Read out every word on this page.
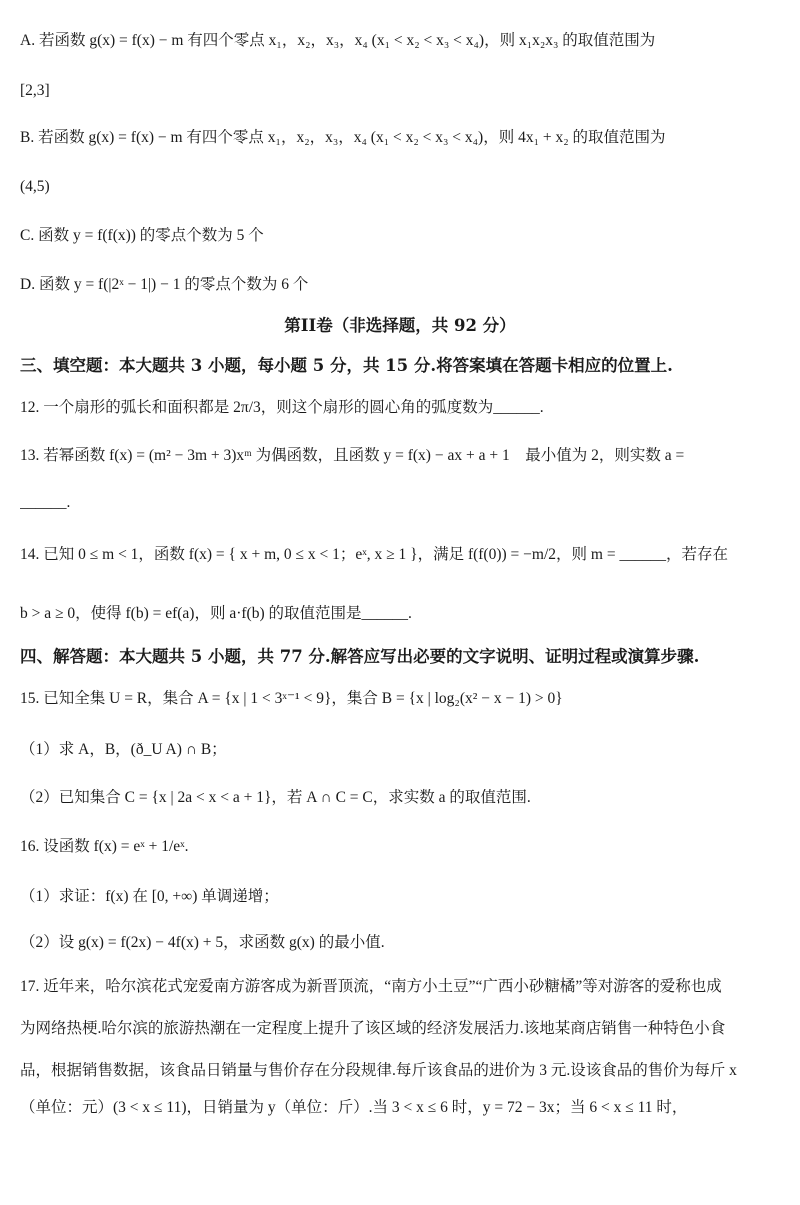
A. 若函数 g(x) = f(x) − m 有四个零点 x₁，x₂，x₃，x₄ (x₁ < x₂ < x₃ < x₄)，则 x₁x₂x₃ 的取值范围为
[2,3]
B. 若函数 g(x) = f(x) − m 有四个零点 x₁，x₂，x₃，x₄ (x₁ < x₂ < x₃ < x₄)，则 4x₁ + x₂ 的取值范围为
(4,5)
C. 函数 y = f(f(x)) 的零点个数为 5 个
D. 函数 y = f(|2ˣ − 1|) − 1 的零点个数为 6 个
第II卷（非选择题，共 92 分）
三、填空题：本大题共 3 小题，每小题 5 分，共 15 分.将答案填在答题卡相应的位置上.
12. 一个扇形的弧长和面积都是 2π/3，则这个扇形的圆心角的弧度数为______.
13. 若幂函数 f(x) = (m² − 3m + 3)xᵐ 为偶函数，且函数 y = f(x) − ax + a + 1　最小值为 2，则实数 a =
______.
14. 已知 0 ≤ m < 1，函数 f(x) = { x + m, 0 ≤ x < 1；eˣ, x ≥ 1 }，满足 f(f(0)) = −m/2，则 m = ______，若存在
b > a ≥ 0，使得 f(b) = ef(a)，则 a·f(b) 的取值范围是______.
四、解答题：本大题共 5 小题，共 77 分.解答应写出必要的文字说明、证明过程或演算步骤.
15. 已知全集 U = R，集合 A = {x | 1 < 3ˣ⁻¹ < 9}，集合 B = {x | log₂(x² − x − 1) > 0}
（1）求 A，B，(ð_U A) ∩ B；
（2）已知集合 C = {x | 2a < x < a + 1}，若 A ∩ C = C，求实数 a 的取值范围.
16. 设函数 f(x) = eˣ + 1/eˣ.
（1）求证：f(x) 在 [0, +∞) 单调递增；
（2）设 g(x) = f(2x) − 4f(x) + 5，求函数 g(x) 的最小值.
17. 近年来，哈尔滨花式宠爱南方游客成为新晋顶流，“南方小土豆”“广西小砂糖橘”等对游客的爱称也成
为网络热梗.哈尔滨的旅游热潮在一定程度上提升了该区域的经济发展活力.该地某商店销售一种特色小食
品，根据销售数据，该食品日销量与售价存在分段规律.每斤该食品的进价为 3 元.设该食品的售价为每斤 x
（单位：元）(3 < x ≤ 11)，日销量为 y（单位：斤）.当 3 < x ≤ 6 时，y = 72 − 3x；当 6 < x ≤ 11 时，
